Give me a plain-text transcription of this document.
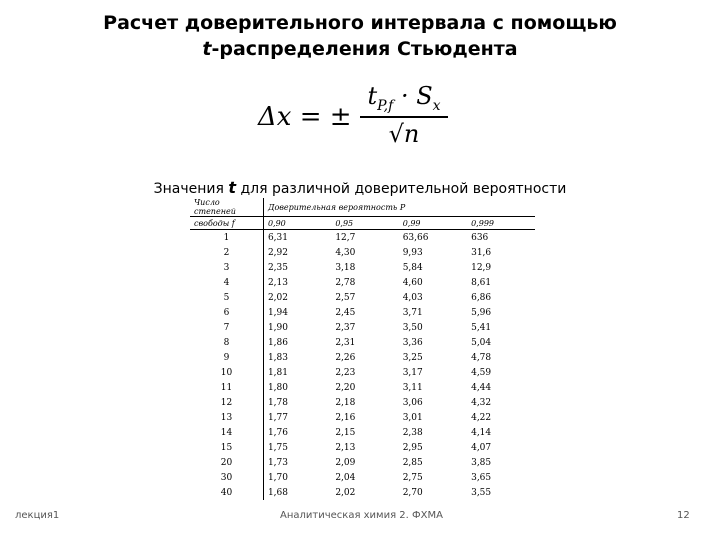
Расчет доверительного интервала с помощью
t-распределения Стьюдента
Δx = ±
$t_{P,f} \cdot S_x$
√n
Значения t для различной доверительной вероятности
Число степеней	Доверительная вероятность P			
свободы f	0,90	0,95	0,99	0,999
1	6,31	12,7	63,66	636
2	2,92	4,30	9,93	31,6
3	2,35	3,18	5,84	12,9
4	2,13	2,78	4,60	8,61
5	2,02	2,57	4,03	6,86
6	1,94	2,45	3,71	5,96
7	1,90	2,37	3,50	5,41
8	1,86	2,31	3,36	5,04
9	1,83	2,26	3,25	4,78
10	1,81	2,23	3,17	4,59
11	1,80	2,20	3,11	4,44
12	1,78	2,18	3,06	4,32
13	1,77	2,16	3,01	4,22
14	1,76	2,15	2,38	4,14
15	1,75	2,13	2,95	4,07
20	1,73	2,09	2,85	3,85
30	1,70	2,04	2,75	3,65
40	1,68	2,02	2,70	3,55

лекция1	Аналитическая химия 2. ФХМА	12
